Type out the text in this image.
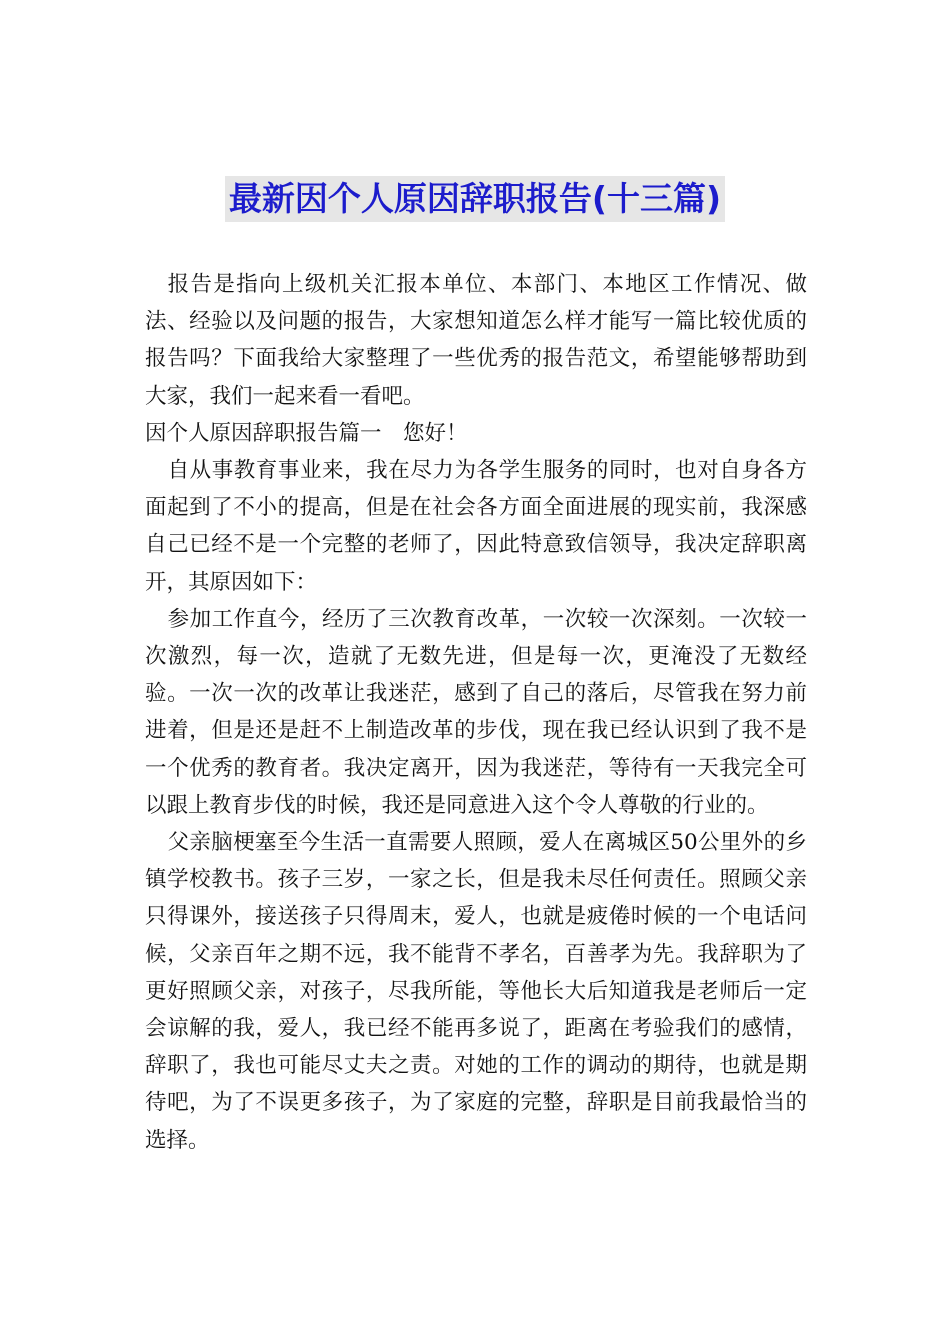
最新因个人原因辞职报告(十三篇)

报告是指向上级机关汇报本单位、本部门、本地区工作情况、做法、经验以及问题的报告，大家想知道怎么样才能写一篇比较优质的报告吗？下面我给大家整理了一些优秀的报告范文，希望能够帮助到大家，我们一起来看一看吧。

因个人原因辞职报告篇一　您好！

自从事教育事业来，我在尽力为各学生服务的同时，也对自身各方面起到了不小的提高，但是在社会各方面全面进展的现实前，我深感自己已经不是一个完整的老师了，因此特意致信领导，我决定辞职离开，其原因如下：

参加工作直今，经历了三次教育改革，一次较一次深刻。一次较一次激烈，每一次，造就了无数先进，但是每一次，更淹没了无数经验。一次一次的改革让我迷茫，感到了自己的落后，尽管我在努力前进着，但是还是赶不上制造改革的步伐，现在我已经认识到了我不是一个优秀的教育者。我决定离开，因为我迷茫，等待有一天我完全可以跟上教育步伐的时候，我还是同意进入这个令人尊敬的行业的。

父亲脑梗塞至今生活一直需要人照顾，爱人在离城区50公里外的乡镇学校教书。孩子三岁，一家之长，但是我未尽任何责任。照顾父亲只得课外，接送孩子只得周末，爱人，也就是疲倦时候的一个电话问候，父亲百年之期不远，我不能背不孝名，百善孝为先。我辞职为了更好照顾父亲，对孩子，尽我所能，等他长大后知道我是老师后一定会谅解的我，爱人，我已经不能再多说了，距离在考验我们的感情，辞职了，我也可能尽丈夫之责。对她的工作的调动的期待，也就是期待吧，为了不误更多孩子，为了家庭的完整，辞职是目前我最恰当的选择。
